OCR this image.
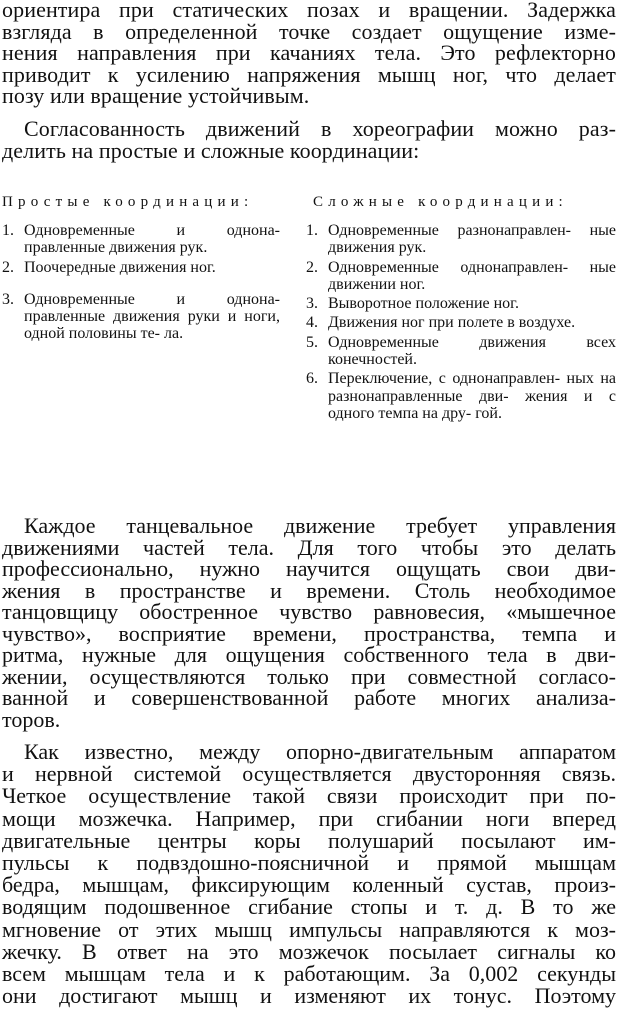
ориентира при статических позах и вращении. Задержка
взгляда в определенной точке создает ощущение изме-
нения направления при качаниях тела. Это рефлекторно
приводит к усилению напряжения мышц ног, что делает
позу или вращение устойчивым.
Согласованность движений в хореографии можно раз-
делить на простые и сложные координации:
Простые координации:	Сложные координации:
1. Одновременные и однона- правленные движения рук.
2. Поочередные движения ног.
3. Одновременные и однона- правленные движения руки и ноги, одной половины те- ла.
1. Одновременные разнонаправлен- ные движения рук.
2. Одновременные однонаправлен- ные движении ног.
3. Выворотное положение ног.
4. Движения ног при полете в воздухе.
5. Одновременные движения всех конечностей.
6. Переключение, с однонаправлен- ных на разнонаправленные дви- жения и с одного темпа на дру- гой.
Каждое танцевальное движение требует управления
движениями частей тела. Для того чтобы это делать
профессионально, нужно научится ощущать свои дви-
жения в пространстве и времени. Столь необходимое
танцовщицу обостренное чувство равновесия, «мышечное
чувство», восприятие времени, пространства, темпа и
ритма, нужные для ощущения собственного тела в дви-
жении, осуществляются только при совместной согласо-
ванной и совершенствованной работе многих анализа-
торов.
Как известно, между опорно-двигательным аппаратом
и нервной системой осуществляется двусторонняя связь.
Четкое осуществление такой связи происходит при по-
мощи мозжечка. Например, при сгибании ноги вперед
двигательные центры коры полушарий посылают им-
пульсы к подвздошно-поясничной и прямой мышцам
бедра, мышцам, фиксирующим коленный сустав, произ-
водящим подошвенное сгибание стопы и т. д. В то же
мгновение от этих мышц импульсы направляются к моз-
жечку. В ответ на это мозжечок посылает сигналы ко
всем мышцам тела и к работающим. За 0,002 секунды
они достигают мышц и изменяют их тонус. Поэтому
